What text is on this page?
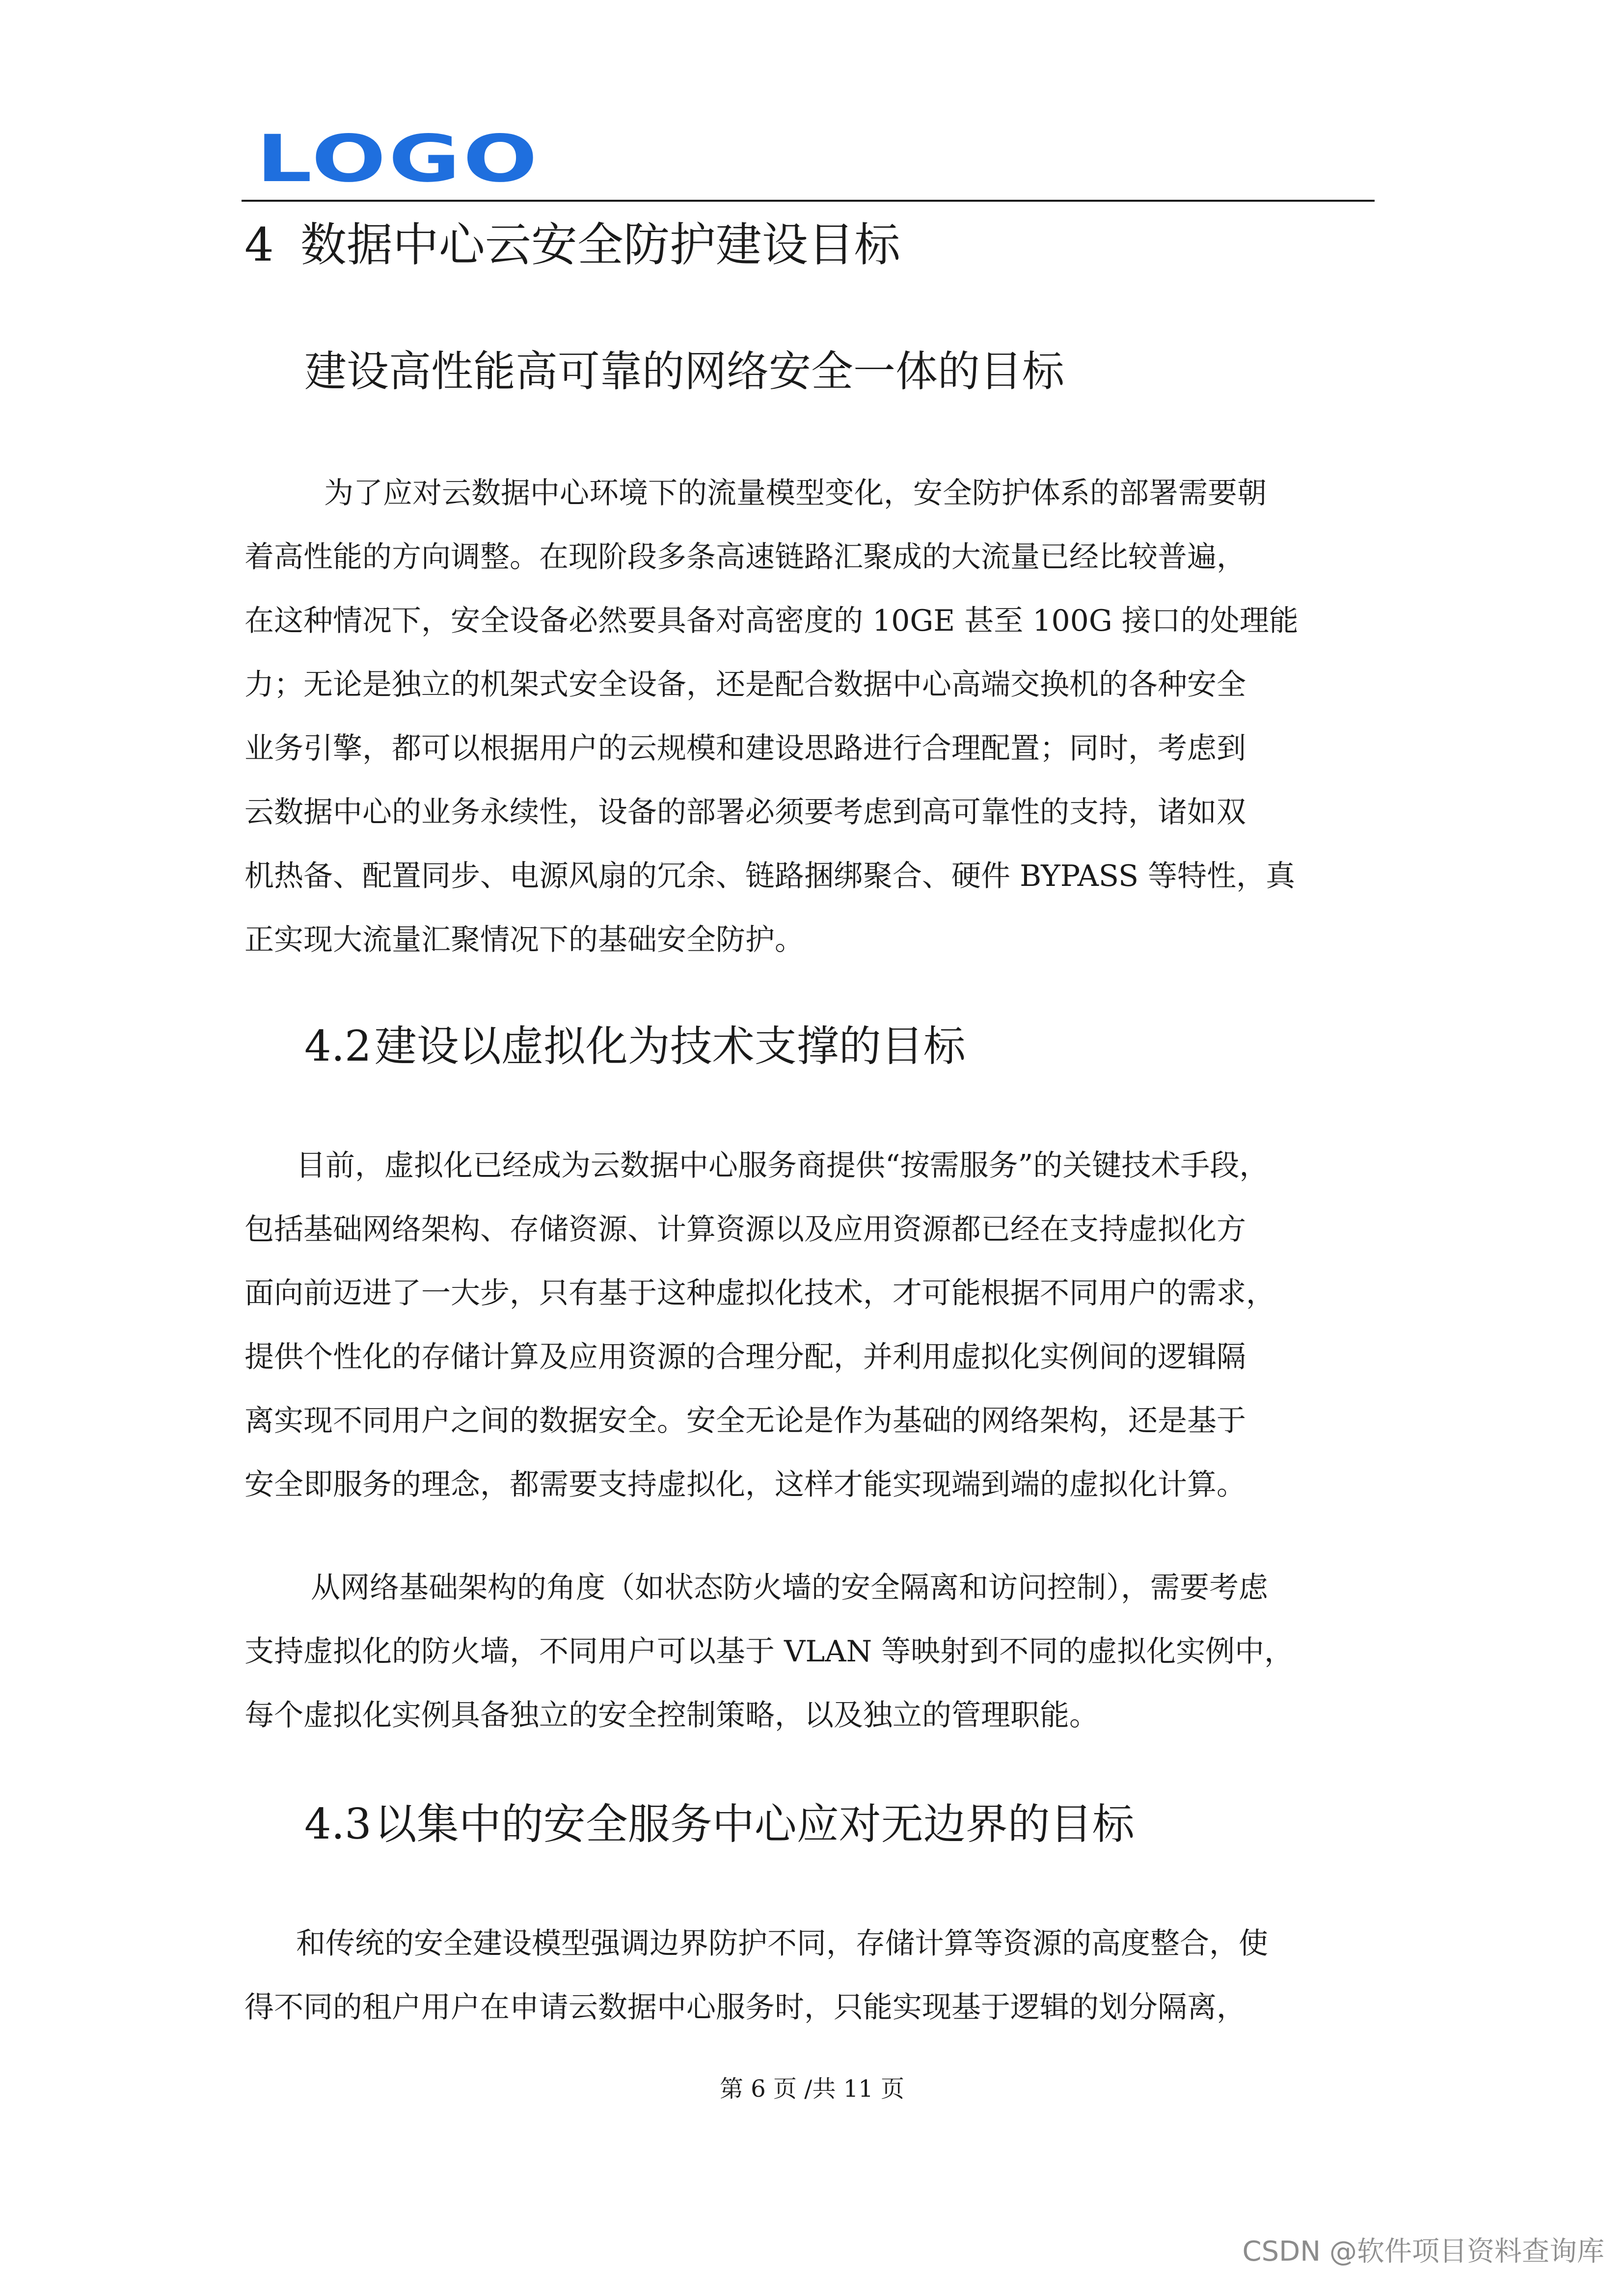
LOGO
4 数据中心云安全防护建设目标
建设高性能高可靠的网络安全一体的目标
为了应对云数据中心环境下的流量模型变化，安全防护体系的部署需要朝
着高性能的方向调整。在现阶段多条高速链路汇聚成的大流量已经比较普遍，
在这种情况下，安全设备必然要具备对高密度的 10GE 甚至 100G 接口的处理能
力；无论是独立的机架式安全设备，还是配合数据中心高端交换机的各种安全
业务引擎，都可以根据用户的云规模和建设思路进行合理配置；同时，考虑到
云数据中心的业务永续性，设备的部署必须要考虑到高可靠性的支持，诸如双
机热备、配置同步、电源风扇的冗余、链路捆绑聚合、硬件 BYPASS 等特性，真
正实现大流量汇聚情况下的基础安全防护。
4.2建设以虚拟化为技术支撑的目标
目前，虚拟化已经成为云数据中心服务商提供“按需服务”的关键技术手段，
包括基础网络架构、存储资源、计算资源以及应用资源都已经在支持虚拟化方
面向前迈进了一大步，只有基于这种虚拟化技术，才可能根据不同用户的需求，
提供个性化的存储计算及应用资源的合理分配，并利用虚拟化实例间的逻辑隔
离实现不同用户之间的数据安全。安全无论是作为基础的网络架构，还是基于
安全即服务的理念，都需要支持虚拟化，这样才能实现端到端的虚拟化计算。
从网络基础架构的角度（如状态防火墙的安全隔离和访问控制），需要考虑
支持虚拟化的防火墙，不同用户可以基于 VLAN 等映射到不同的虚拟化实例中，
每个虚拟化实例具备独立的安全控制策略，以及独立的管理职能。
4.3以集中的安全服务中心应对无边界的目标
和传统的安全建设模型强调边界防护不同，存储计算等资源的高度整合，使
得不同的租户用户在申请云数据中心服务时，只能实现基于逻辑的划分隔离，
第 6 页 /共 11 页
CSDN @软件项目资料查询库
